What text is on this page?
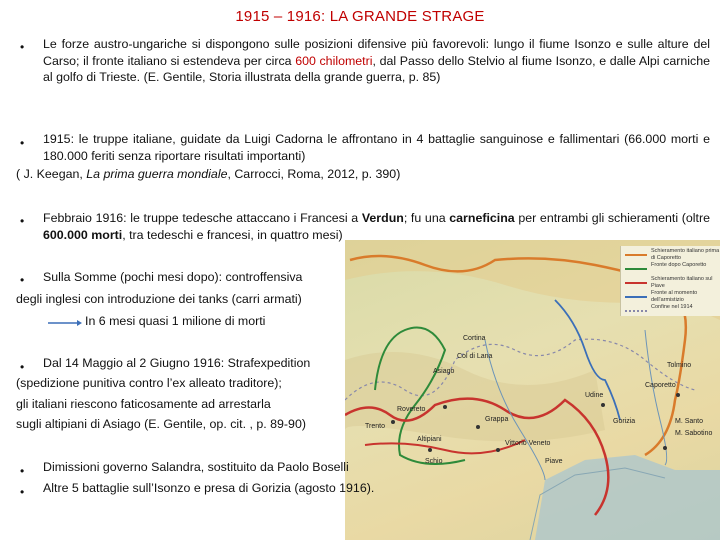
1915 – 1916: LA GRANDE STRAGE
• Le forze austro-ungariche si dispongono sulle posizioni difensive più favorevoli: lungo il fiume Isonzo e sulle alture del Carso; il fronte italiano si estendeva per circa 600 chilometri, dal Passo dello Stelvio al fiume Isonzo, e dalle Alpi carniche al golfo di Trieste. (E. Gentile, Storia illustrata della grande guerra, p. 85)
• 1915: le truppe italiane, guidate da Luigi Cadorna le affrontano in 4 battaglie sanguinose e fallimentari (66.000 morti e 180.000 feriti senza riportare risultati importanti)
( J. Keegan, La prima guerra mondiale, Carrocci, Roma, 2012, p. 390)
• Febbraio 1916: le truppe tedesche attaccano i Francesi a Verdun; fu una carneficina per entrambi gli schieramenti (oltre 600.000 morti, tra tedeschi e francesi, in quattro mesi)
Asiago
Col di Lana
Cortina
Trento
Rovereto
Altipiani
Grappa
Schio
Vittorio Veneto
Udine
Caporetto
Gorizia	M. Santo
M. Sabotino
Piave
Tolmino
Schieramento italiano prima di Caporetto
Fronte dopo Caporetto
Schieramento italiano sul Piave
Fronte al momento dell'armistizio
Confine nel 1914
• Sulla Somme (pochi mesi dopo): controffensiva
degli inglesi con introduzione dei tanks (carri armati)
In 6 mesi quasi 1 milione di morti
• Dal 14 Maggio al 2 Giugno 1916: Strafexpedition
(spedizione punitiva contro l’ex alleato traditore);
gli italiani riescono faticosamente ad arrestarla
sugli altipiani di Asiago (E. Gentile, op. cit. , p. 89-90)
• Dimissioni governo Salandra, sostituito da Paolo Boselli
• Altre 5 battaglie sull’Isonzo e presa di Gorizia (agosto 1916).
